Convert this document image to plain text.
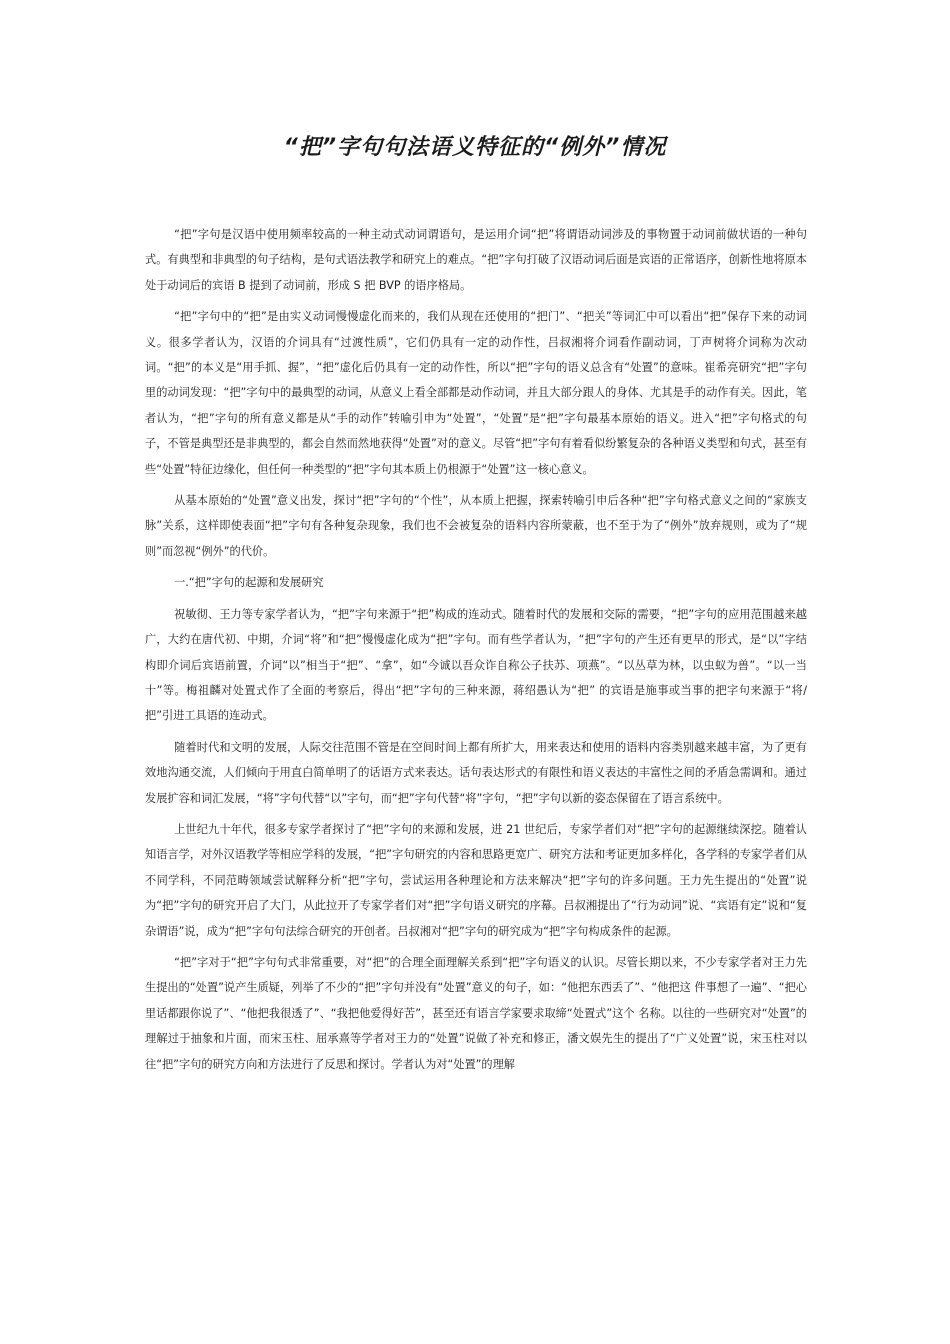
“把”字句句法语义特征的“例外”情况

“把”字句是汉语中使用频率较高的一种主动式动词谓语句，是运用介词“把”将谓语动词涉及的事物置于动词前做状语的一种句式。有典型和非典型的句子结构，是句式语法教学和研究上的难点。“把”字句打破了汉语动词后面是宾语的正常语序，创新性地将原本处于动词后的宾语 B 提到了动词前，形成 S 把 BVP 的语序格局。

“把”字句中的“把”是由实义动词慢慢虚化而来的，我们从现在还使用的“把门”、“把关”等词汇中可以看出“把”保存下来的动词义。很多学者认为，汉语的介词具有“过渡性质”，它们仍具有一定的动作性，吕叔湘将介词看作副动词，丁声树将介词称为次动词。“把”的本义是“用手抓、握”，“把”虚化后仍具有一定的动作性，所以“把”字句的语义总含有“处置”的意味。崔希亮研究“把”字句里的动词发现：“把”字句中的最典型的动词，从意义上看全部都是动作动词，并且大部分跟人的身体、尤其是手的动作有关。因此，笔者认为，“把”字句的所有意义都是从“手的动作”转喻引申为“处置”，“处置”是“把”字句最基本原始的语义。进入“把”字句格式的句子，不管是典型还是非典型的，都会自然而然地获得“处置”对的意义。尽管“把”字句有着看似纷繁复杂的各种语义类型和句式，甚至有些“处置”特征边缘化，但任何一种类型的“把”字句其本质上仍根源于“处置”这一核心意义。

从基本原始的“处置”意义出发，探讨“把”字句的“个性”，从本质上把握，探索转喻引申后各种“把”字句格式意义之间的“家族支脉”关系，这样即使表面“把”字句有各种复杂现象，我们也不会被复杂的语料内容所蒙蔽，也不至于为了“例外”放弃规则，或为了“规则”而忽视“例外”的代价。

一.“把”字句的起源和发展研究

祝敏彻、王力等专家学者认为，“把”字句来源于“把”构成的连动式。随着时代的发展和交际的需要，“把”字句的应用范围越来越广，大约在唐代初、中期，介词“将”和“把”慢慢虚化成为“把”字句。而有些学者认为，“把”字句的产生还有更早的形式，是“以”字结构即介词后宾语前置，介词“以”相当于“把”、“拿”，如“今诚以吾众诈自称公子扶苏、项燕”。“以丛草为林，以虫蚁为兽”。“以一当十”等。梅祖麟对处置式作了全面的考察后，得出“把”字句的三种来源，蒋绍愚认为“把” 的宾语是施事或当事的把字句来源于“将/把”引进工具语的连动式。

随着时代和文明的发展，人际交往范围不管是在空间时间上都有所扩大，用来表达和使用的语料内容类别越来越丰富，为了更有效地沟通交流，人们倾向于用直白简单明了的话语方式来表达。话句表达形式的有限性和语义表达的丰富性之间的矛盾急需调和。通过发展扩容和词汇发展，“将”字句代替“以”字句，而“把”字句代替“将”字句，“把”字句以新的姿态保留在了语言系统中。

上世纪九十年代，很多专家学者探讨了“把”字句的来源和发展，进 21 世纪后，专家学者们对“把”字句的起源继续深挖。随着认知语言学，对外汉语教学等相应学科的发展，“把”字句研究的内容和思路更宽广、研究方法和考证更加多样化，各学科的专家学者们从不同学科，不同范畴领域尝试解释分析“把”字句，尝试运用各种理论和方法来解决“把”字句的许多问题。王力先生提出的“处置”说为“把”字句的研究开启了大门，从此拉开了专家学者们对“把”字句语义研究的序幕。吕叔湘提出了“行为动词”说、“宾语有定”说和“复杂谓语”说，成为“把”字句句法综合研究的开创者。吕叔湘对“把”字句的研究成为“把”字句构成条件的起源。

“把”字对于“把”字句句式非常重要，对“把”的合理全面理解关系到“把”字句语义的认识。尽管长期以来，不少专家学者对王力先生提出的“处置”说产生质疑，列举了不少的“把”字句并没有“处置”意义的句子，如：“他把东西丢了”、“他把这 件事想了一遍”、“把心里话都跟你说了”、“他把我很透了”、“我把他爱得好苦”，甚至还有语言学家要求取缔“处置式”这个 名称。以往的一些研究对“处置”的理解过于抽象和片面，而宋玉柱、屈承熹等学者对王力的“处置”说做了补充和修正，潘文娱先生的提出了“广义处置”说，宋玉柱对以往“把”字句的研究方向和方法进行了反思和探讨。学者认为对“处置”的理解
